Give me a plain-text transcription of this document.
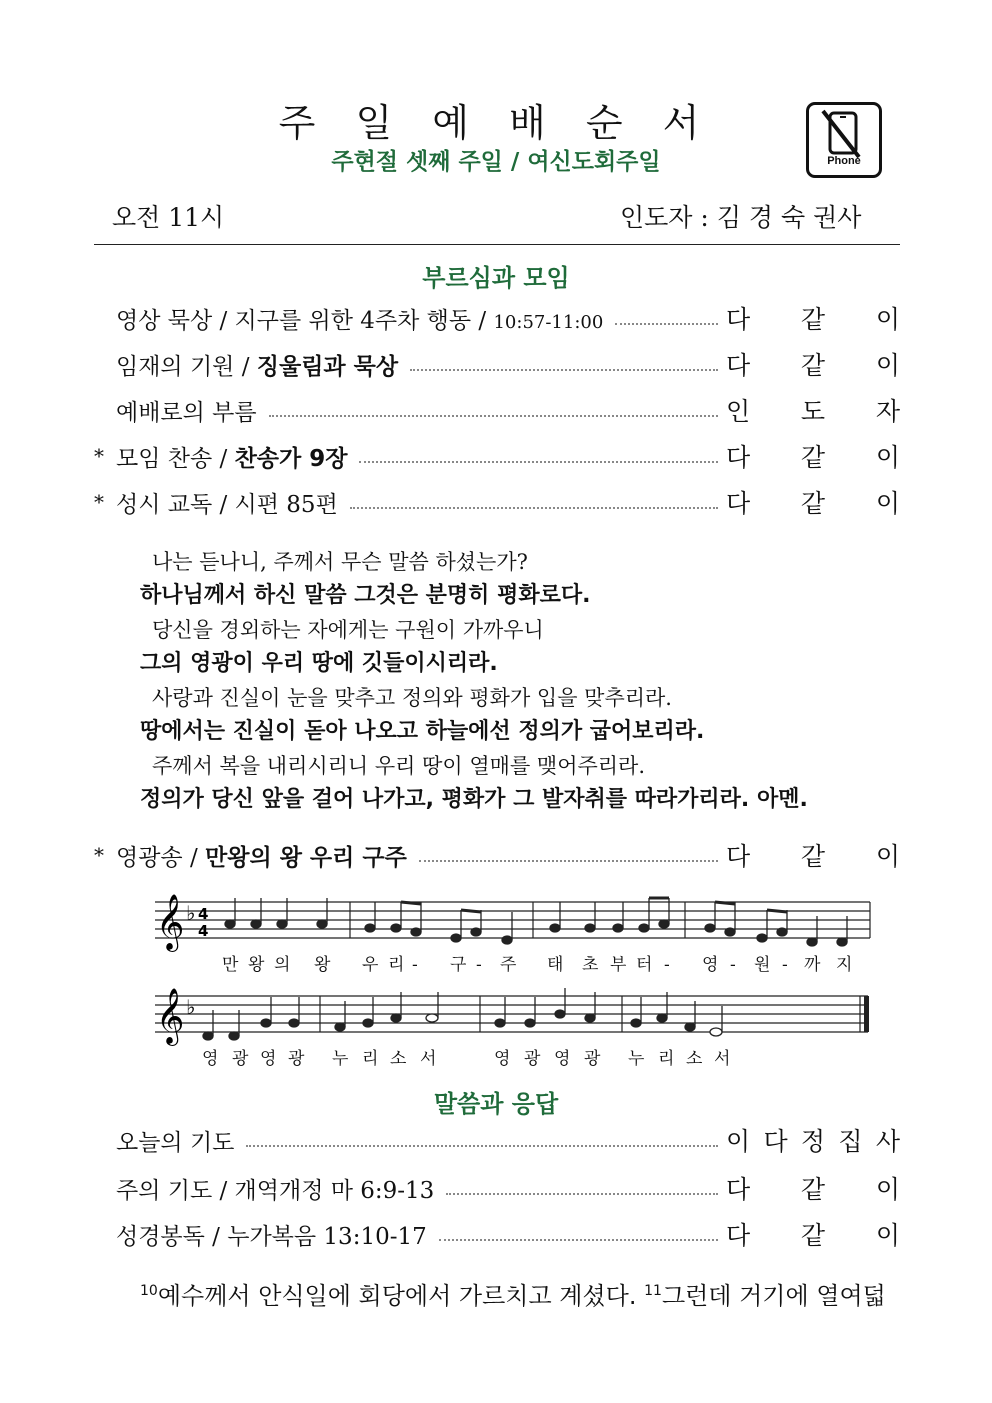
주 일 예 배 순 서
주현절 셋째 주일 / 여신도회주일	Phone
오전 11시	인도자 : 김 경 숙 권사
부르심과 모임
영상 묵상 / 지구를 위한 4주차 행동 / 10:57-11:00	다 같 이
임재의 기원 / 징울림과 묵상	다 같 이
예배로의 부름	인 도 자
* 모임 찬송 / 찬송가 9장	다 같 이
* 성시 교독 / 시편 85편	다 같 이
나는 듣나니, 주께서 무슨 말씀 하셨는가?
하나님께서 하신 말씀 그것은 분명히 평화로다.
당신을 경외하는 자에게는 구원이 가까우니
그의 영광이 우리 땅에 깃들이시리라.
사랑과 진실이 눈을 맞추고 정의와 평화가 입을 맞추리라.
땅에서는 진실이 돋아 나오고 하늘에선 정의가 굽어보리라.
주께서 복을 내리시리니 우리 땅이 열매를 맺어주리라.
정의가 당신 앞을 걸어 나가고, 평화가 그 발자취를 따라가리라. 아멘.
* 영광송 / 만왕의 왕 우리 구주	다 같 이
𝄞
𝄞
♭
♭
4
4
만 왕 의 왕 우 리 - 구 - 주 태 초 부 터 - 영 - 원 - 까 지
영 광 영 광 누 리 소 서	영 광 영 광 누 리 소 서
말씀과 응답
오늘의 기도	이 다 정 집 사
주의 기도 / 개역개정 마 6:9-13	다 같 이
성경봉독 / 누가복음 13:10-17	다 같 이
$^{10}$예수께서 안식일에 회당에서 가르치고 계셨다. $^{11}$그런데 거기에 열여덟
